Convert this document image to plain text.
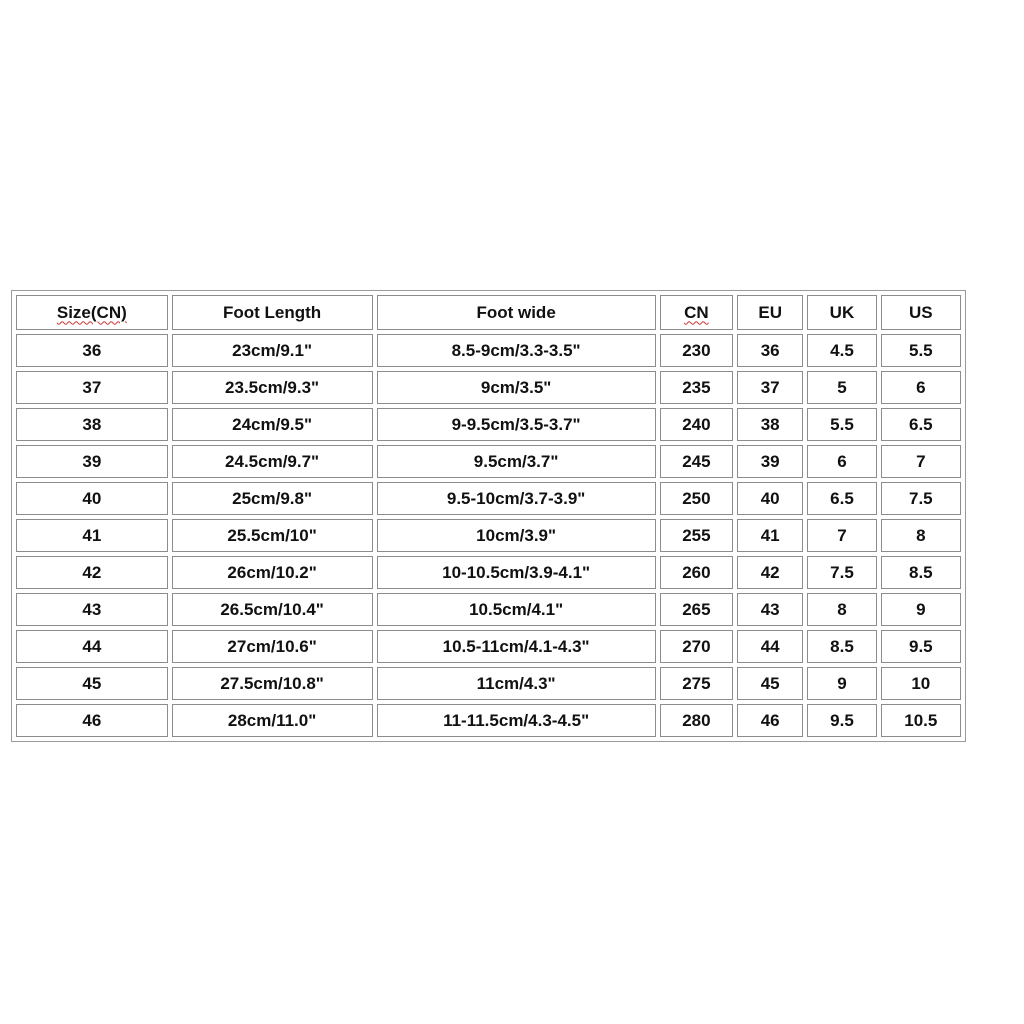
Size(CN)	Foot Length	Foot wide	CN	EU	UK	US
36	23cm/9.1"	8.5-9cm/3.3-3.5"	230	36	4.5	5.5
37	23.5cm/9.3"	9cm/3.5"	235	37	5	6
38	24cm/9.5"	9-9.5cm/3.5-3.7"	240	38	5.5	6.5
39	24.5cm/9.7"	9.5cm/3.7"	245	39	6	7
40	25cm/9.8"	9.5-10cm/3.7-3.9"	250	40	6.5	7.5
41	25.5cm/10"	10cm/3.9"	255	41	7	8
42	26cm/10.2"	10-10.5cm/3.9-4.1"	260	42	7.5	8.5
43	26.5cm/10.4"	10.5cm/4.1"	265	43	8	9
44	27cm/10.6"	10.5-11cm/4.1-4.3"	270	44	8.5	9.5
45	27.5cm/10.8"	11cm/4.3"	275	45	9	10
46	28cm/11.0"	11-11.5cm/4.3-4.5"	280	46	9.5	10.5
